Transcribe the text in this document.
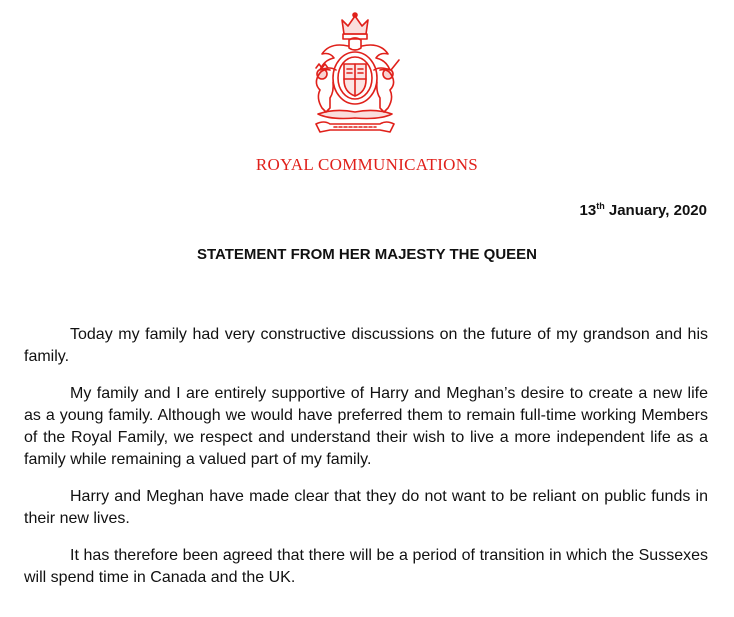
ROYAL COMMUNICATIONS
13th January, 2020
STATEMENT FROM HER MAJESTY THE QUEEN

Today my family had very constructive discussions on the future of my grandson and his family.

My family and I are entirely supportive of Harry and Meghan’s desire to create a new life as a young family. Although we would have preferred them to remain full-time working Members of the Royal Family, we respect and understand their wish to live a more independent life as a family while remaining a valued part of my family.

Harry and Meghan have made clear that they do not want to be reliant on public funds in their new lives.

It has therefore been agreed that there will be a period of transition in which the Sussexes will spend time in Canada and the UK.
